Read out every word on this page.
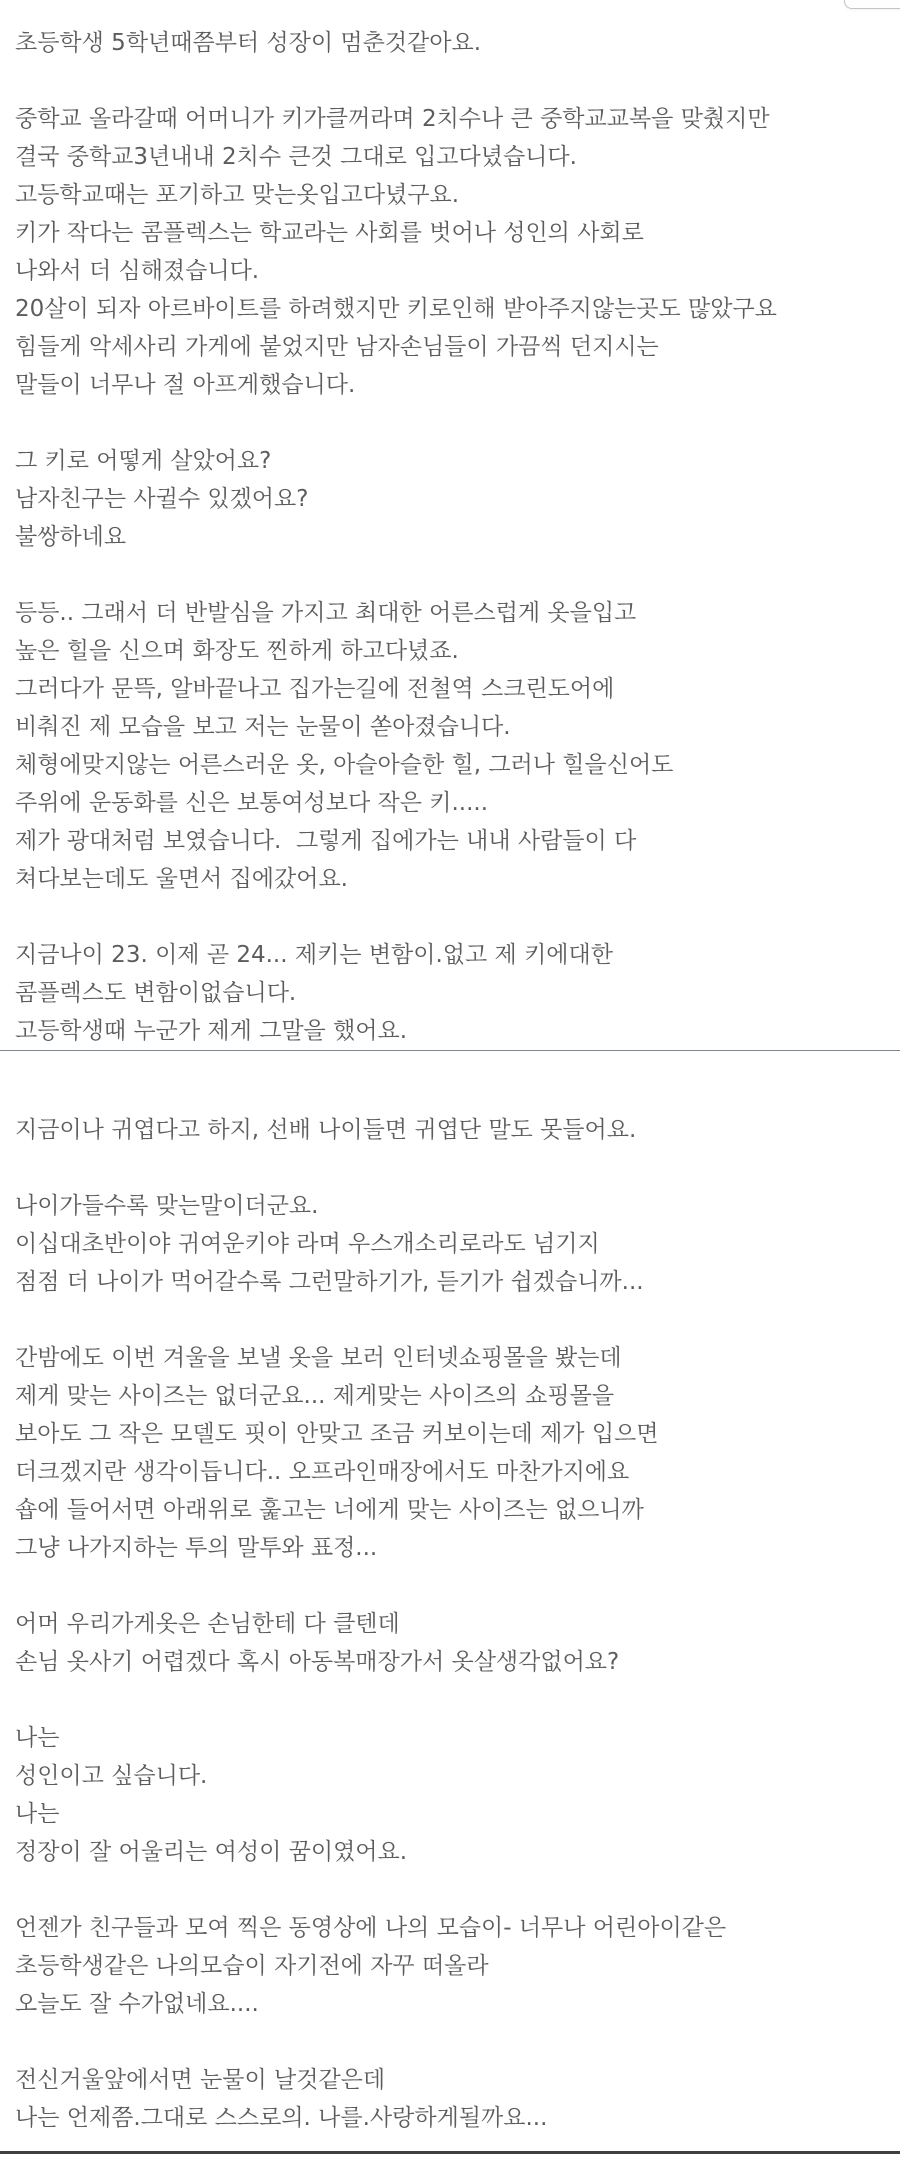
초등학생 5학년때쯤부터 성장이 멈춘것같아요.
중학교 올라갈때 어머니가 키가클꺼라며 2치수나 큰 중학교교복을 맞췄지만
결국 중학교3년내내 2치수 큰것 그대로 입고다녔습니다.
고등학교때는 포기하고 맞는옷입고다녔구요.
키가 작다는 콤플렉스는 학교라는 사회를 벗어나 성인의 사회로
나와서 더 심해졌습니다.
20살이 되자 아르바이트를 하려했지만 키로인해 받아주지않는곳도 많았구요
힘들게 악세사리 가게에 붙었지만 남자손님들이 가끔씩 던지시는
말들이 너무나 절 아프게했습니다.
그 키로 어떻게 살았어요?
남자친구는 사귈수 있겠어요?
불쌍하네요
등등.. 그래서 더 반발심을 가지고 최대한 어른스럽게 옷을입고
높은 힐을 신으며 화장도 찐하게 하고다녔죠.
그러다가 문뜩, 알바끝나고 집가는길에 전철역 스크린도어에
비춰진 제 모습을 보고 저는 눈물이 쏟아졌습니다.
체형에맞지않는 어른스러운 옷, 아슬아슬한 힐, 그러나 힐을신어도
주위에 운동화를 신은 보통여성보다 작은 키.....
제가 광대처럼 보였습니다.  그렇게 집에가는 내내 사람들이 다
쳐다보는데도 울면서 집에갔어요.
지금나이 23. 이제 곧 24... 제키는 변함이.없고 제 키에대한
콤플렉스도 변함이없습니다.
고등학생때 누군가 제게 그말을 했어요.
지금이나 귀엽다고 하지, 선배 나이들면 귀엽단 말도 못들어요.
나이가들수록 맞는말이더군요.
이십대초반이야 귀여운키야 라며 우스개소리로라도 넘기지
점점 더 나이가 먹어갈수록 그런말하기가, 듣기가 쉽겠습니까...
간밤에도 이번 겨울을 보낼 옷을 보러 인터넷쇼핑몰을 봤는데
제게 맞는 사이즈는 없더군요... 제게맞는 사이즈의 쇼핑몰을
보아도 그 작은 모델도 핏이 안맞고 조금 커보이는데 제가 입으면
더크겠지란 생각이듭니다.. 오프라인매장에서도 마찬가지에요
숍에 들어서면 아래위로 훑고는 너에게 맞는 사이즈는 없으니까
그냥 나가지하는 투의 말투와 표정...
어머 우리가게옷은 손님한테 다 클텐데
손님 옷사기 어렵겠다 혹시 아동복매장가서 옷살생각없어요?
나는
성인이고 싶습니다.
나는
정장이 잘 어울리는 여성이 꿈이였어요.
언젠가 친구들과 모여 찍은 동영상에 나의 모습이- 너무나 어린아이같은
초등학생같은 나의모습이 자기전에 자꾸 떠올라
오늘도 잘 수가없네요....
전신거울앞에서면 눈물이 날것같은데
나는 언제쯤.그대로 스스로의. 나를.사랑하게될까요...
